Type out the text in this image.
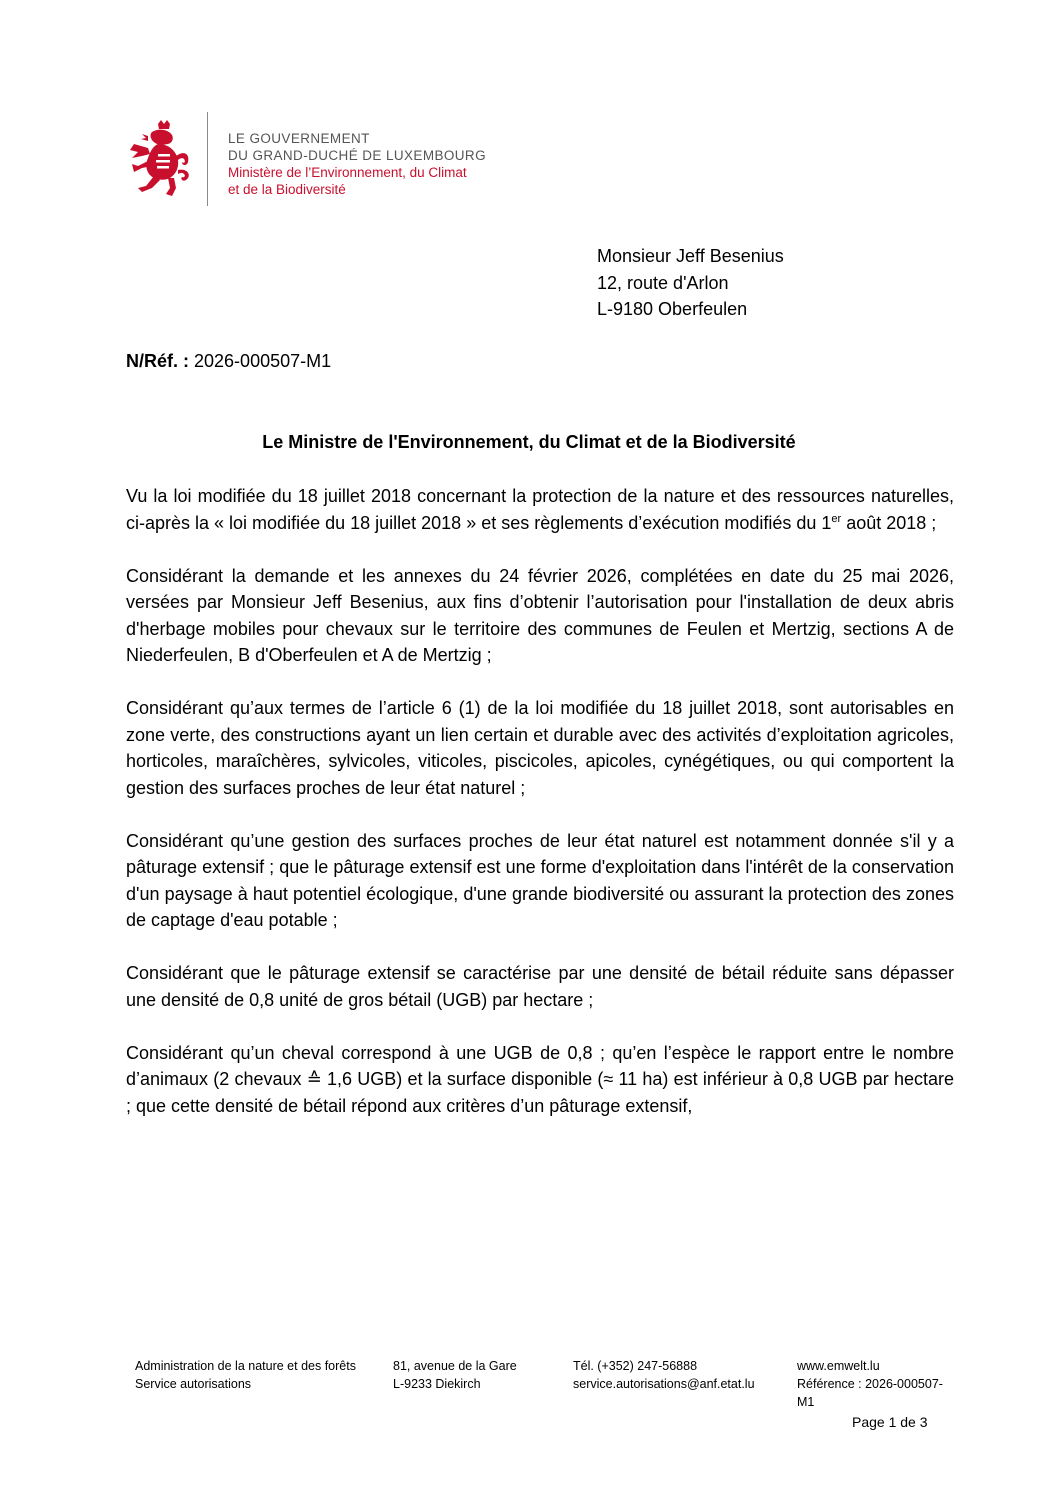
LE GOUVERNEMENT
DU GRAND-DUCHÉ DE LUXEMBOURG
Ministère de l’Environnement, du Climat
et de la Biodiversité
Monsieur Jeff Besenius
12, route d'Arlon
L-9180 Oberfeulen
N/Réf. : 2026-000507-M1
Le Ministre de l'Environnement, du Climat et de la Biodiversité

Vu la loi modifiée du 18 juillet 2018 concernant la protection de la nature et des ressources naturelles, ci-après la « loi modifiée du 18 juillet 2018 » et ses règlements d’exécution modifiés du 1er août 2018 ;

Considérant la demande et les annexes du 24 février 2026, complétées en date du 25 mai 2026, versées par Monsieur Jeff Besenius, aux fins d’obtenir l’autorisation pour l'installation de deux abris d'herbage mobiles pour chevaux sur le territoire des communes de Feulen et Mertzig, sections A de Niederfeulen, B d'Oberfeulen et A de Mertzig ;

Considérant qu’aux termes de l’article 6 (1) de la loi modifiée du 18 juillet 2018, sont autorisables en zone verte, des constructions ayant un lien certain et durable avec des activités d’exploitation agricoles, horticoles, maraîchères, sylvicoles, viticoles, piscicoles, apicoles, cynégétiques, ou qui comportent la gestion des surfaces proches de leur état naturel ;

Considérant qu’une gestion des surfaces proches de leur état naturel est notamment donnée s'il y a pâturage extensif ; que le pâturage extensif est une forme d'exploitation dans l'intérêt de la conservation d'un paysage à haut potentiel écologique, d'une grande biodiversité ou assurant la protection des zones de captage d'eau potable ;

Considérant que le pâturage extensif se caractérise par une densité de bétail réduite sans dépasser une densité de 0,8 unité de gros bétail (UGB) par hectare ;

Considérant qu’un cheval correspond à une UGB de 0,8 ; qu’en l’espèce le rapport entre le nombre d’animaux (2 chevaux ≙ 1,6 UGB) et la surface disponible (≈ 11 ha) est inférieur à 0,8 UGB par hectare ; que cette densité de bétail répond aux critères d’un pâturage extensif,

Administration de la nature et des forêts
Service autorisations
81, avenue de la Gare
L-9233 Diekirch
Tél. (+352) 247-56888
service.autorisations@anf.etat.lu
www.emwelt.lu
Référence : 2026-000507-M1
Page 1 de 3
